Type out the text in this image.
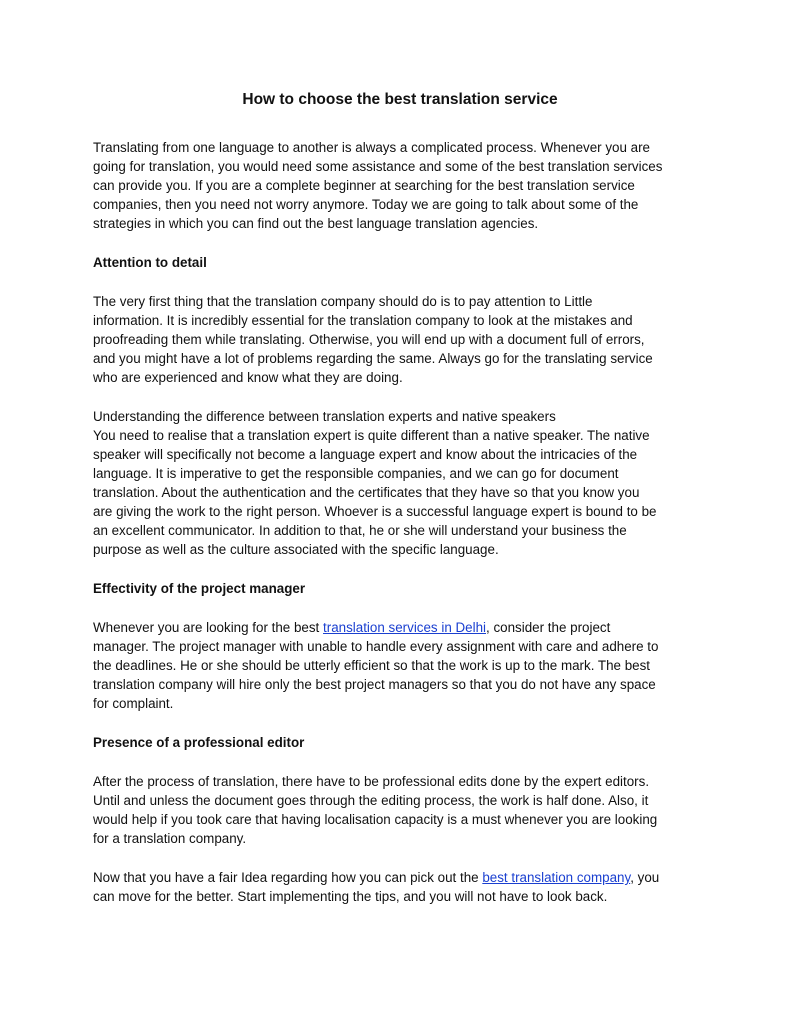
How to choose the best translation service

Translating from one language to another is always a complicated process. Whenever you are
going for translation, you would need some assistance and some of the best translation services
can provide you. If you are a complete beginner at searching for the best translation service
companies, then you need not worry anymore. Today we are going to talk about some of the
strategies in which you can find out the best language translation agencies.

Attention to detail

The very first thing that the translation company should do is to pay attention to Little
information. It is incredibly essential for the translation company to look at the mistakes and
proofreading them while translating. Otherwise, you will end up with a document full of errors,
and you might have a lot of problems regarding the same. Always go for the translating service
who are experienced and know what they are doing.

Understanding the difference between translation experts and native speakers

You need to realise that a translation expert is quite different than a native speaker. The native
speaker will specifically not become a language expert and know about the intricacies of the
language. It is imperative to get the responsible companies, and we can go for document
translation. About the authentication and the certificates that they have so that you know you
are giving the work to the right person. Whoever is a successful language expert is bound to be
an excellent communicator. In addition to that, he or she will understand your business the
purpose as well as the culture associated with the specific language.

Effectivity of the project manager

Whenever you are looking for the best translation services in Delhi, consider the project
manager. The project manager with unable to handle every assignment with care and adhere to
the deadlines. He or she should be utterly efficient so that the work is up to the mark. The best
translation company will hire only the best project managers so that you do not have any space
for complaint.

Presence of a professional editor

After the process of translation, there have to be professional edits done by the expert editors.
Until and unless the document goes through the editing process, the work is half done. Also, it
would help if you took care that having localisation capacity is a must whenever you are looking
for a translation company.

Now that you have a fair Idea regarding how you can pick out the best translation company, you
can move for the better. Start implementing the tips, and you will not have to look back.
